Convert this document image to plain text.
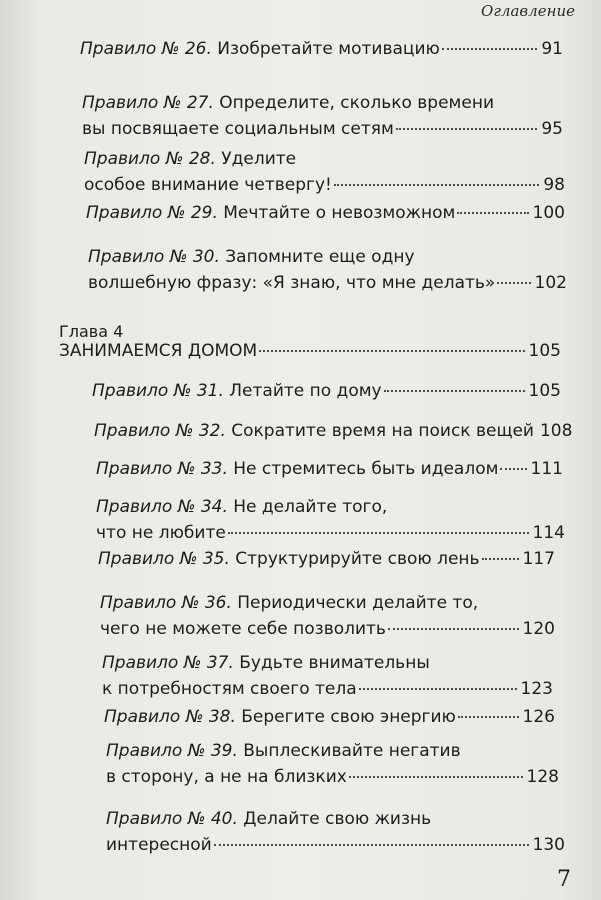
Оглавление
Правило № 26.
Изобретайте мотивацию	91
Правило № 27.
Определите, сколько времени
вы посвящаете социальным сетям	95
Правило № 28.
Уделите
особое внимание четвергу!	98
Правило № 29.
Мечтайте о невозможном	100
Правило № 30.
Запомните еще одну
волшебную фразу: «Я знаю, что мне делать» 102
Глава 4
ЗАНИМАЕМСЯ ДОМОМ	105
Правило № 31.
Летайте по дому	105
Правило № 32.
Сократите время на поиск вещей 108
Правило № 33.
Не стремитесь быть идеалом 111
Правило № 34.
Не делайте того,
что не любите	114
Правило № 35.
Структурируйте свою лень	117
Правило № 36.
Периодически делайте то,
чего не можете себе позволить	120
Правило № 37.
Будьте внимательны
к потребностям своего тела	123
Правило № 38.
Берегите свою энергию	126
Правило № 39.
Выплескивайте негатив
в сторону, а не на близких	128
Правило № 40.
Делайте свою жизнь
интересной	130
7
